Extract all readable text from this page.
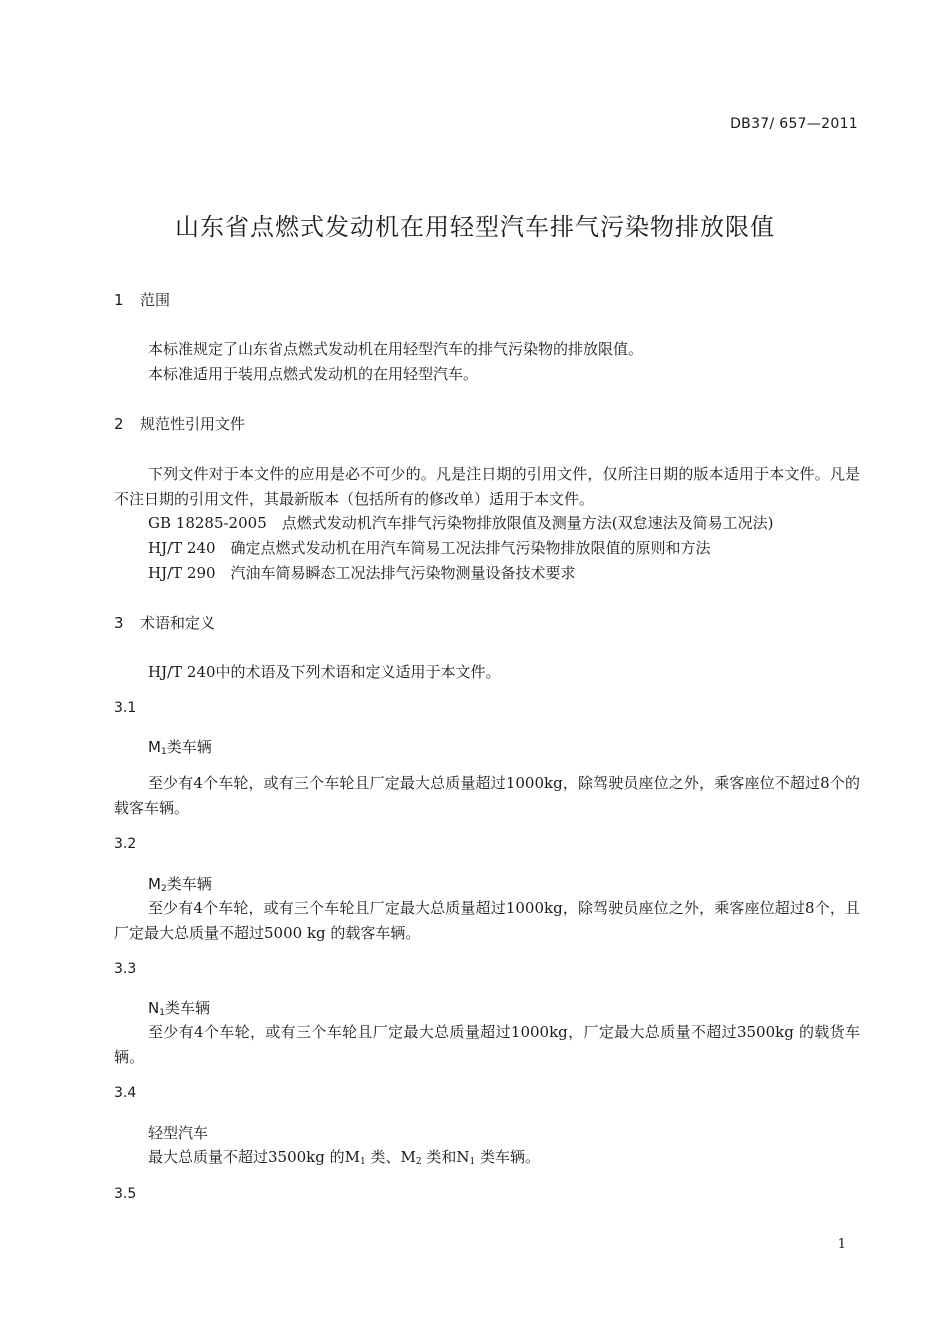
DB37/ 657—2011
山东省点燃式发动机在用轻型汽车排气污染物排放限值
1 范围
本标准规定了山东省点燃式发动机在用轻型汽车的排气污染物的排放限值。
本标准适用于装用点燃式发动机的在用轻型汽车。
2 规范性引用文件
下列文件对于本文件的应用是必不可少的。凡是注日期的引用文件，仅所注日期的版本适用于本文件。凡是不注日期的引用文件，其最新版本（包括所有的修改单）适用于本文件。
GB 18285-2005　点燃式发动机汽车排气污染物排放限值及测量方法(双怠速法及简易工况法)
HJ/T 240　确定点燃式发动机在用汽车简易工况法排气污染物排放限值的原则和方法
HJ/T 290　汽油车简易瞬态工况法排气污染物测量设备技术要求
3 术语和定义
HJ/T 240中的术语及下列术语和定义适用于本文件。
3.1
$M_1$类车辆
至少有4个车轮，或有三个车轮且厂定最大总质量超过1000kg，除驾驶员座位之外，乘客座位不超过8个的载客车辆。
3.2
$M_2$类车辆
至少有4个车轮，或有三个车轮且厂定最大总质量超过1000kg，除驾驶员座位之外，乘客座位超过8个，且厂定最大总质量不超过5000 kg 的载客车辆。
3.3
$N_1$类车辆
至少有4个车轮，或有三个车轮且厂定最大总质量超过1000kg，厂定最大总质量不超过3500kg 的载货车辆。
3.4
轻型汽车
最大总质量不超过3500kg 的$M_1$ 类、$M_2$ 类和$N_1$ 类车辆。
3.5
1
